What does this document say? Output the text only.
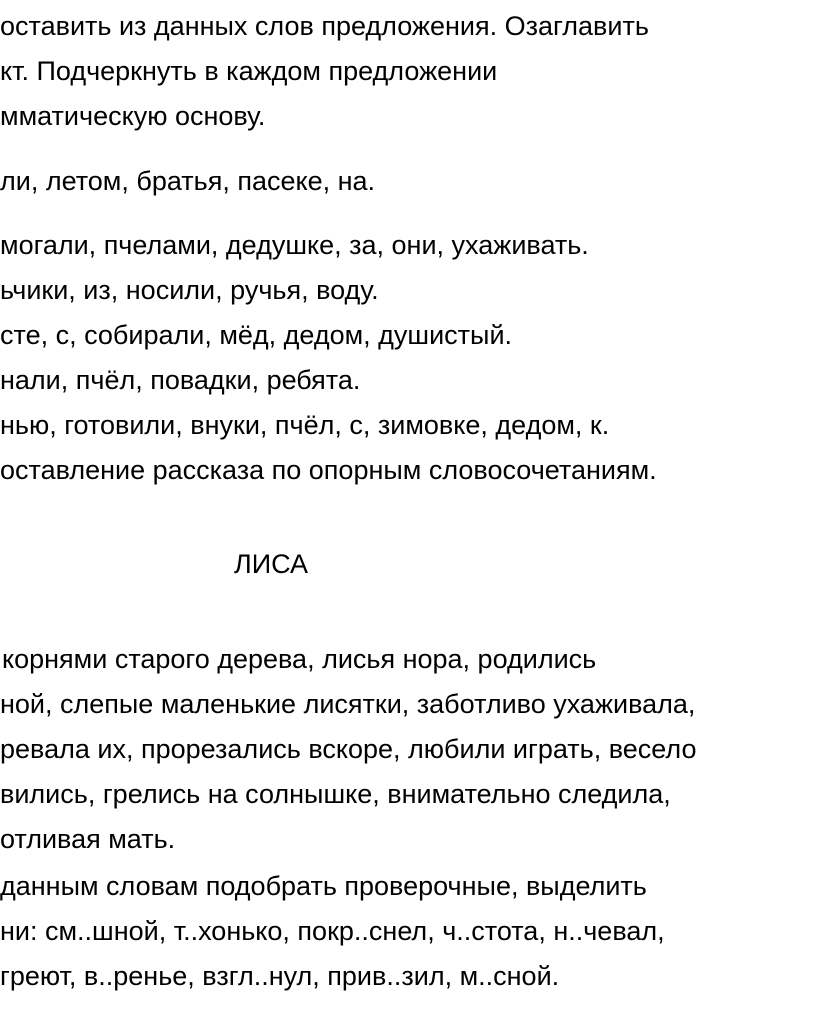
оставить из данных слов предложения. Озаглавить
кт. Подчеркнуть в каждом предложении
мматическую основу.
ли, летом, братья, пасеке, на.
могали, пчелами, дедушке, за, они, ухаживать.
ьчики, из, носили, ручья, воду.
сте, с, собирали, мёд, дедом, душистый.
нали, пчёл, повадки, ребята.
нью, готовили, внуки, пчёл, с, зимовке, дедом, к.
оставление рассказа по опорным словосочетаниям.
ЛИСА
корнями старого дерева, лисья нора, родились
ной, слепые маленькие лисятки, заботливо ухаживала,
ревала их, прорезались вскоре, любили играть, весело
вились, грелись на солнышке, внимательно следила,
отливая мать.
данным словам подобрать проверочные, выделить
ни: см..шной, т..хонько, покр..снел, ч..стота, н..чевал,
греют, в..ренье, взгл..нул, прив..зил, м..сной.
